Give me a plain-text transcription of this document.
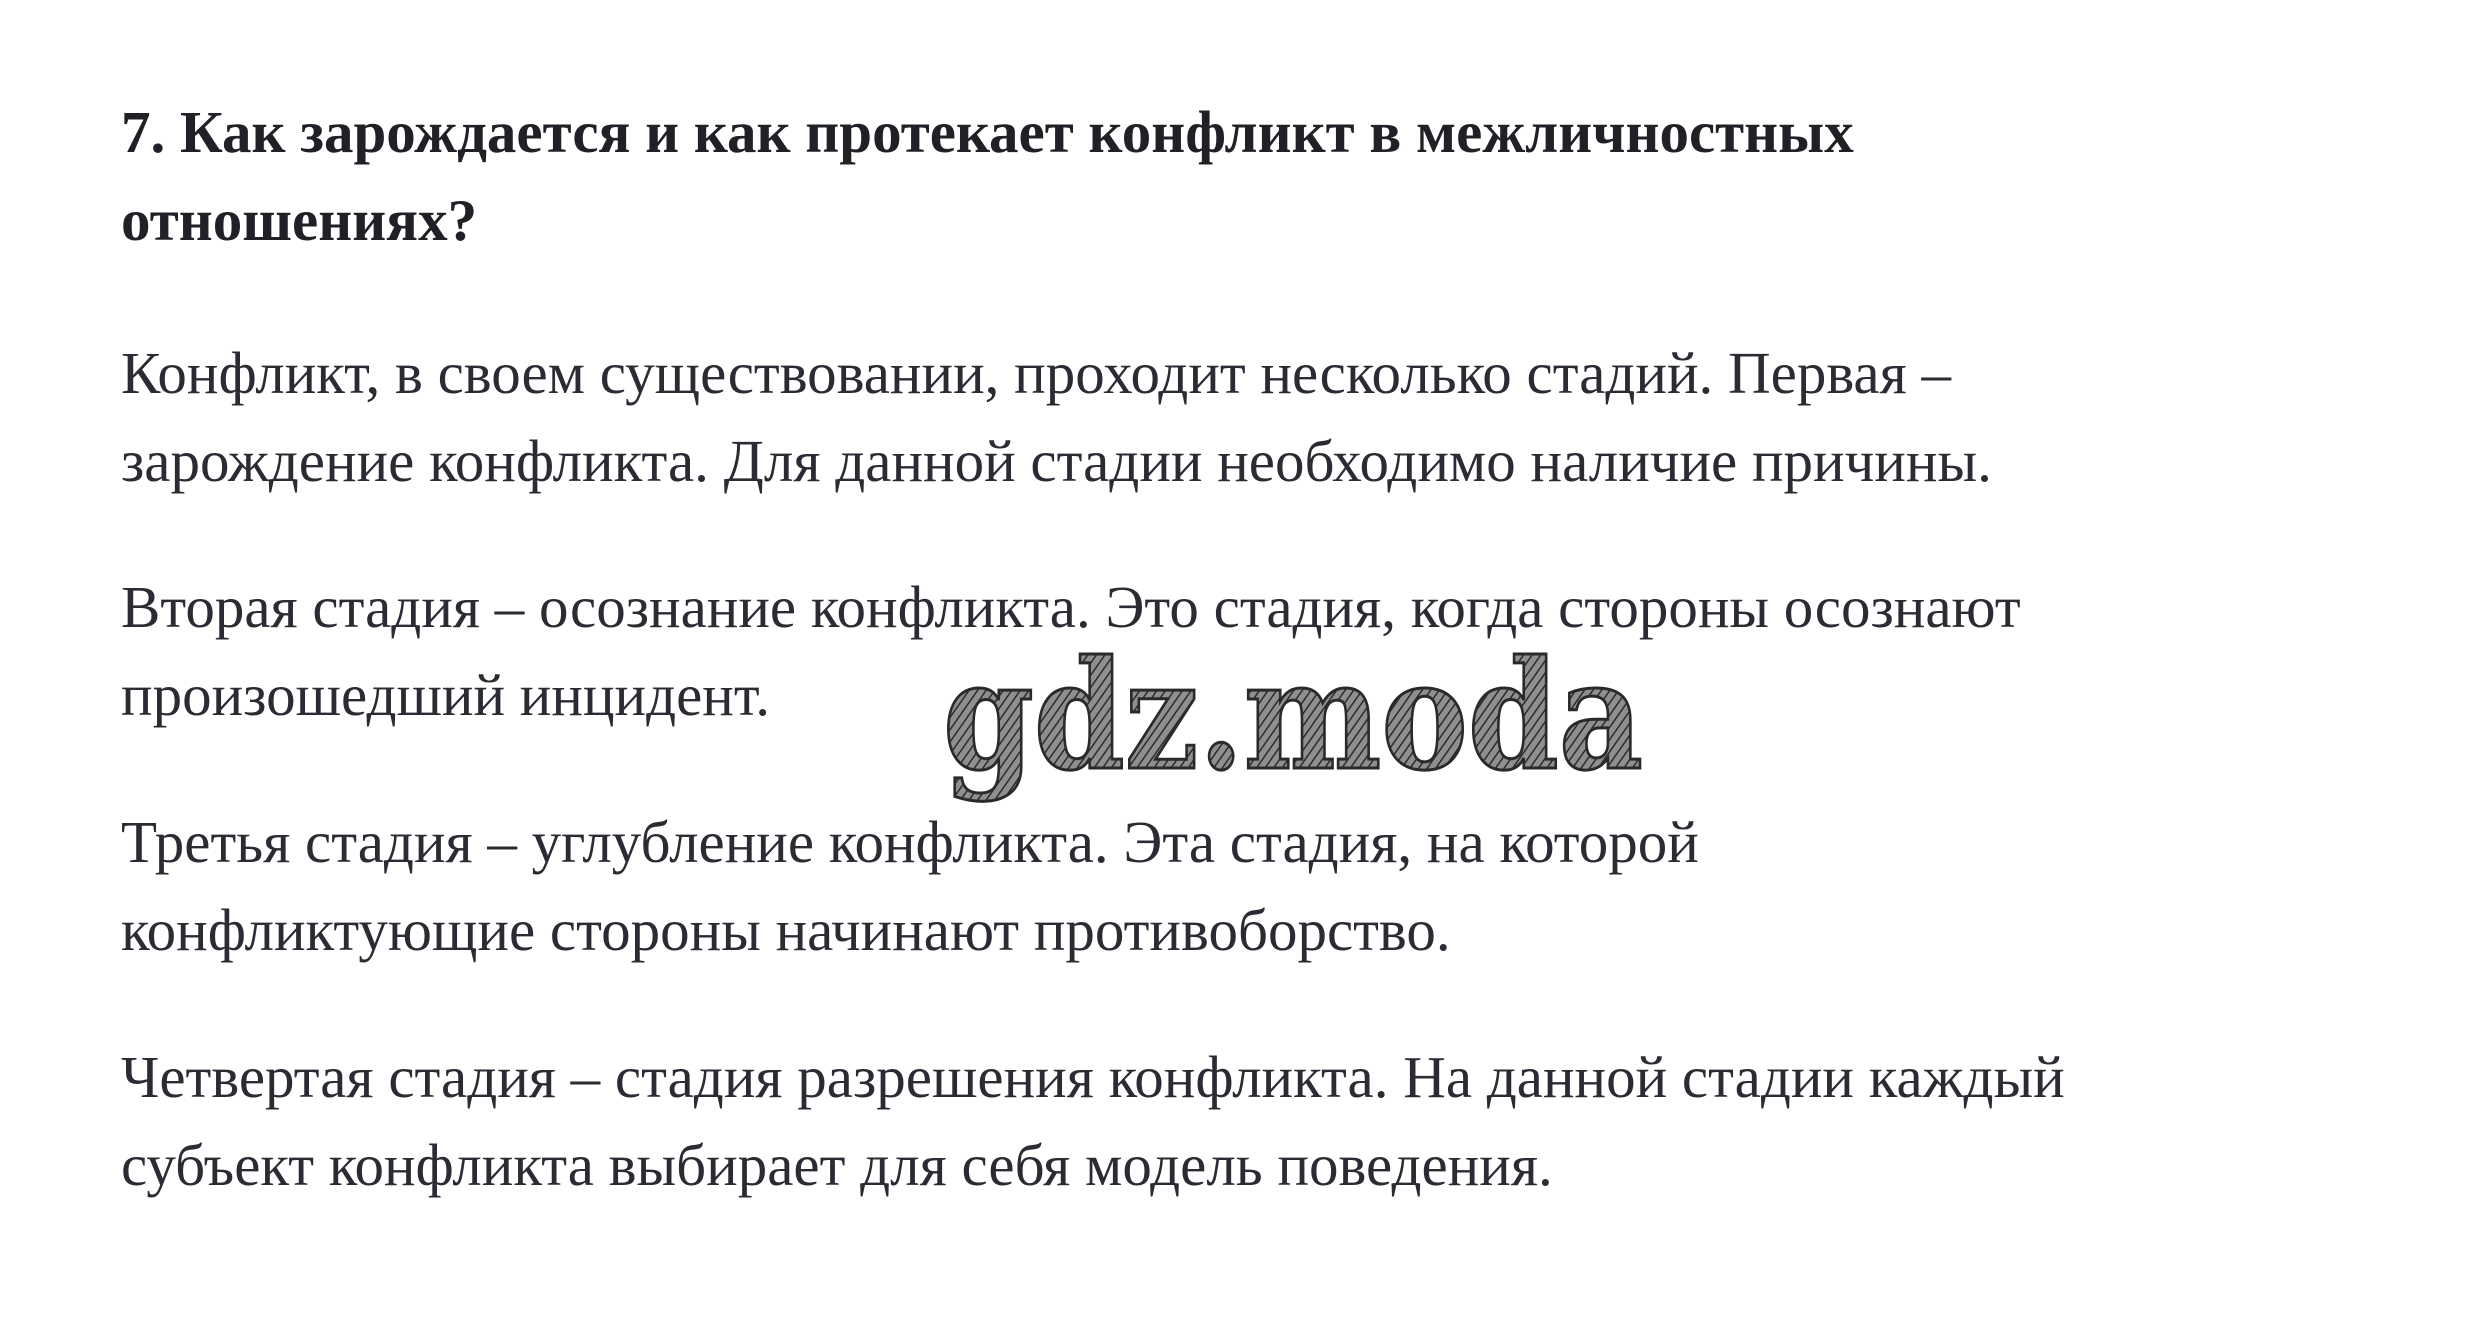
7. Как зарождается и как протекает конфликт в межличностных
отношениях?

Конфликт, в своем существовании, проходит несколько стадий. Первая –
зарождение конфликта. Для данной стадии необходимо наличие причины.

Вторая стадия – осознание конфликта. Это стадия, когда стороны осознают
произошедший инцидент.

Третья стадия – углубление конфликта. Эта стадия, на которой
конфликтующие стороны начинают противоборство.

Четвертая стадия – стадия разрешения конфликта. На данной стадии каждый
субъект конфликта выбирает для себя модель поведения.

gdz.moda
